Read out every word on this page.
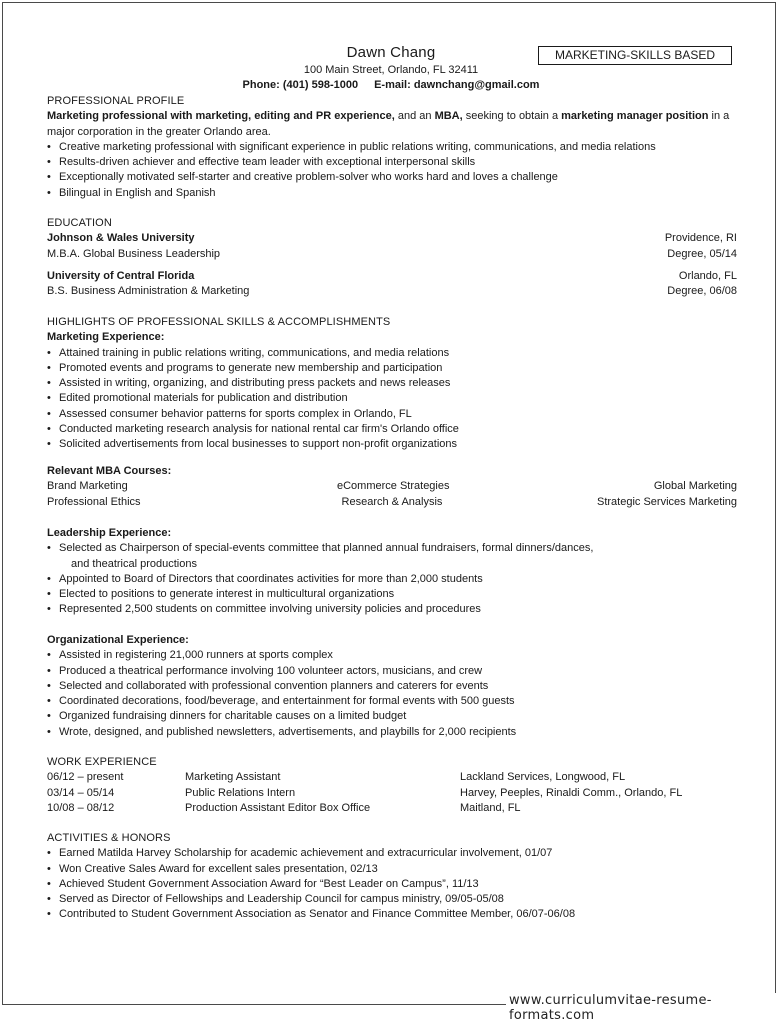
Dawn Chang	MARKETING-SKILLS BASED
100 Main Street, Orlando, FL 32411
Phone: (401) 598-1000 E-mail: dawnchang@gmail.com
PROFESSIONAL PROFILE
Marketing professional with marketing, editing and PR experience, and an MBA, seeking to obtain a marketing manager position in a
major corporation in the greater Orlando area.
• Creative marketing professional with significant experience in public relations writing, communications, and media relations
• Results-driven achiever and effective team leader with exceptional interpersonal skills
• Exceptionally motivated self-starter and creative problem-solver who works hard and loves a challenge
• Bilingual in English and Spanish
EDUCATION
Johnson & Wales University	Providence, RI
M.B.A. Global Business Leadership	Degree, 05/14
University of Central Florida	Orlando, FL
B.S. Business Administration & Marketing	Degree, 06/08
HIGHLIGHTS OF PROFESSIONAL SKILLS & ACCOMPLISHMENTS
Marketing Experience:
• Attained training in public relations writing, communications, and media relations
• Promoted events and programs to generate new membership and participation
• Assisted in writing, organizing, and distributing press packets and news releases
• Edited promotional materials for publication and distribution
• Assessed consumer behavior patterns for sports complex in Orlando, FL
• Conducted marketing research analysis for national rental car firm's Orlando office
• Solicited advertisements from local businesses to support non-profit organizations
Relevant MBA Courses:
Brand Marketing	eCommerce Strategies	Global Marketing
Professional Ethics	Research & Analysis	Strategic Services Marketing
Leadership Experience:
• Selected as Chairperson of special-events committee that planned annual fundraisers, formal dinners/dances,
and theatrical productions
• Appointed to Board of Directors that coordinates activities for more than 2,000 students
• Elected to positions to generate interest in multicultural organizations
• Represented 2,500 students on committee involving university policies and procedures
Organizational Experience:
• Assisted in registering 21,000 runners at sports complex
• Produced a theatrical performance involving 100 volunteer actors, musicians, and crew
• Selected and collaborated with professional convention planners and caterers for events
• Coordinated decorations, food/beverage, and entertainment for formal events with 500 guests
• Organized fundraising dinners for charitable causes on a limited budget
• Wrote, designed, and published newsletters, advertisements, and playbills for 2,000 recipients
WORK EXPERIENCE
06/12 – present	Marketing Assistant	Lackland Services, Longwood, FL
03/14 – 05/14	Public Relations Intern	Harvey, Peeples, Rinaldi Comm., Orlando, FL
10/08 – 08/12	Production Assistant Editor Box Office	Maitland, FL
ACTIVITIES & HONORS
• Earned Matilda Harvey Scholarship for academic achievement and extracurricular involvement, 01/07
• Won Creative Sales Award for excellent sales presentation, 02/13
• Achieved Student Government Association Award for “Best Leader on Campus”, 11/13
• Served as Director of Fellowships and Leadership Council for campus ministry, 09/05-05/08
• Contributed to Student Government Association as Senator and Finance Committee Member, 06/07-06/08
www.curriculumvitae-resume-formats.com
